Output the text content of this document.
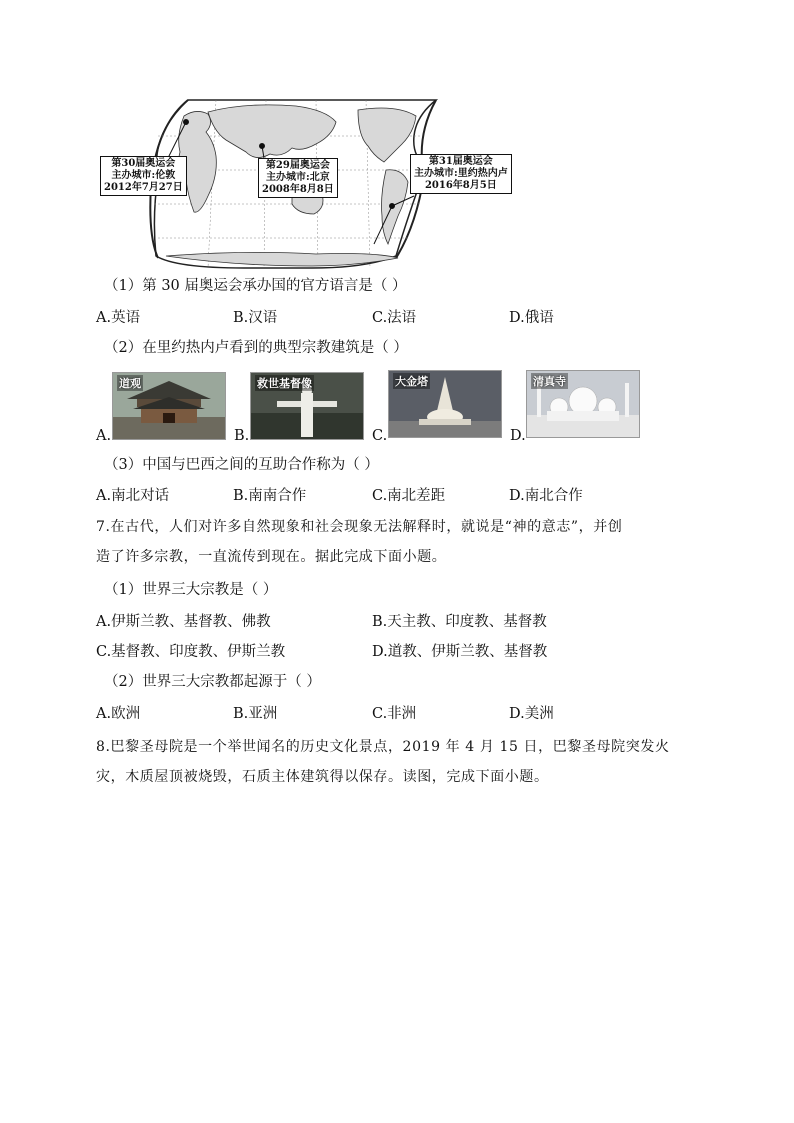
第30届奥运会
主办城市:伦敦
2012年7月27日
第29届奥运会
主办城市:北京
2008年8月8日
第31届奥运会
主办城市:里约热内卢
2016年8月5日
（1）第 30 届奥运会承办国的官方语言是（ ）
A.英语	B.汉语	C.法语	D.俄语
（2）在里约热内卢看到的典型宗教建筑是（ ）
A.
道观
B.
救世基督像
C.
大金塔
D.
清真寺
（3）中国与巴西之间的互助合作称为（ ）
A.南北对话	B.南南合作	C.南北差距	D.南北合作
7.在古代，人们对许多自然现象和社会现象无法解释时，就说是“神的意志”，并创
造了许多宗教，一直流传到现在。据此完成下面小题。
（1）世界三大宗教是（ ）
A.伊斯兰教、基督教、佛教	B.天主教、印度教、基督教
C.基督教、印度教、伊斯兰教	D.道教、伊斯兰教、基督教
（2）世界三大宗教都起源于（ ）
A.欧洲	B.亚洲	C.非洲	D.美洲
8.巴黎圣母院是一个举世闻名的历史文化景点，2019 年 4 月 15 日，巴黎圣母院突发火
灾，木质屋顶被烧毁，石质主体建筑得以保存。读图，完成下面小题。
